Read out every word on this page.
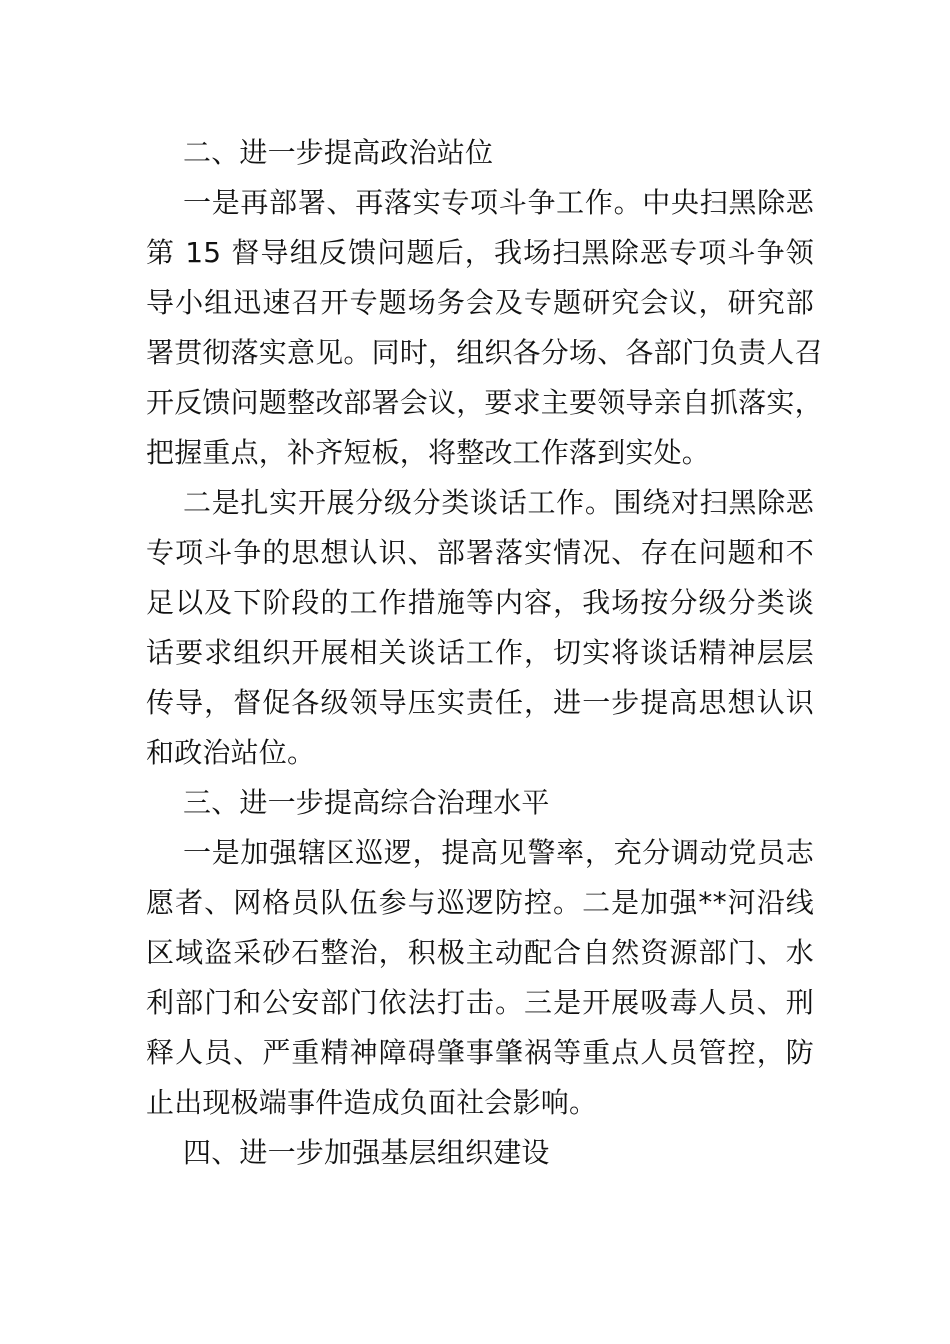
二、进一步提高政治站位
一是再部署、再落实专项斗争工作。中央扫黑除恶
第 15 督导组反馈问题后，我场扫黑除恶专项斗争领
导小组迅速召开专题场务会及专题研究会议，研究部
署贯彻落实意见。同时，组织各分场、各部门负责人召
开反馈问题整改部署会议，要求主要领导亲自抓落实，
把握重点，补齐短板，将整改工作落到实处。
二是扎实开展分级分类谈话工作。围绕对扫黑除恶
专项斗争的思想认识、部署落实情况、存在问题和不
足以及下阶段的工作措施等内容，我场按分级分类谈
话要求组织开展相关谈话工作，切实将谈话精神层层
传导，督促各级领导压实责任，进一步提高思想认识
和政治站位。
三、进一步提高综合治理水平
一是加强辖区巡逻，提高见警率，充分调动党员志
愿者、网格员队伍参与巡逻防控。二是加强**河沿线
区域盗采砂石整治，积极主动配合自然资源部门、水
利部门和公安部门依法打击。三是开展吸毒人员、刑
释人员、严重精神障碍肇事肇祸等重点人员管控，防
止出现极端事件造成负面社会影响。
四、进一步加强基层组织建设
